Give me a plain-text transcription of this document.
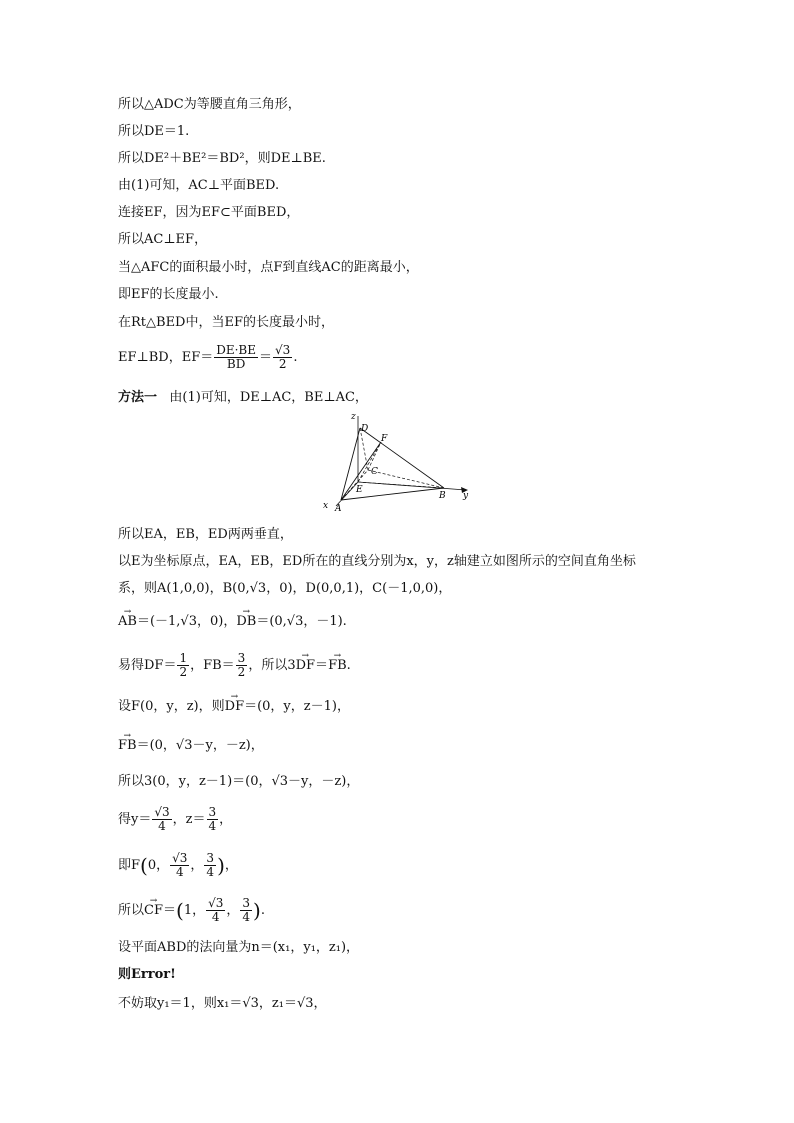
所以△ADC为等腰直角三角形，
所以DE＝1.
所以DE²＋BE²＝BD²，则DE⊥BE.
由(1)可知，AC⊥平面BED.
连接EF，因为EF⊂平面BED，
所以AC⊥EF，
当△AFC的面积最小时，点F到直线AC的距离最小，
即EF的长度最小.
在Rt△BED中，当EF的长度最小时，
EF⊥BD，$EF= \frac{DE\cdot BE}{BD} = \frac{√3}{2}$ .
方法一 由(1)可知，DE⊥AC，BE⊥AC，
z
D
F
C
E
B y
x A
所以EA，EB，ED两两垂直，
以E为坐标原点，EA，EB，ED所在的直线分别为x，y，z轴建立如图所示的空间直角坐标
系，则A(1,0,0)，B(0,√3，0)，D(0,0,1)，C(－1,0,0)，
→ AB＝(－1,√3，0)，→ DB＝(0,√3，－1).
易得$DF= \frac{1}{2}$ ，$FB= \frac{3}{2}$ ，所以3→ DF＝→ FB.
设F(0，y，z)，则→ DF＝(0，y，z－1)，
→ FB＝(0，√3－y，－z)，
所以3(0，y，z－1)＝(0，√3－y，－z)，
得$y= \frac{√3}{4}$ ，$z= \frac{3}{4}$ ，
即F(0， $\frac{√3}{4}$ ， $\frac{3}{4}$ )，
所以→ CF＝(1， $\frac{√3}{4}$ ， $\frac{3}{4}$ ).
设平面ABD的法向量为n＝(x₁，y₁，z₁)，
则Error!
不妨取y₁＝1，则x₁＝√3，z₁＝√3，
